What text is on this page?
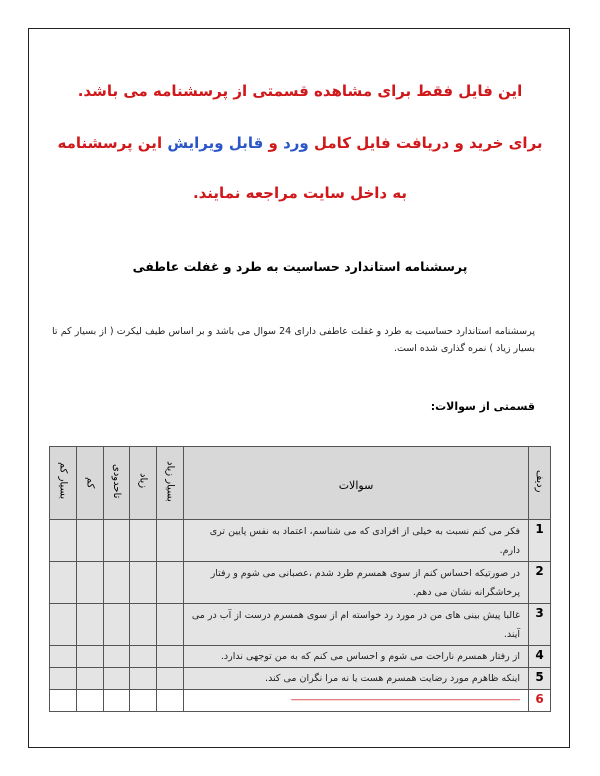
این فایل فقط برای مشاهده قسمتی از پرسشنامه می باشد.
برای خرید و دریافت فایل کامل ورد و قابل ویرایش این پرسشنامه
به داخل سایت مراجعه نمایند.
پرسشنامه استاندارد حساسیت به طرد و غفلت عاطفی
پرسشنامه استاندارد حساسیت به طرد و غفلت عاطفی دارای 24 سوال می باشد و بر اساس طیف لیکرت ( از بسیار کم تا بسیار زیاد ) نمره گذاری شده است.
قسمتی از سوالات:
ردیف	سوالات	بسیار زیاد	زیاد	تاحدودی	کم	بسیار کم
1	فکر می کنم نسبت به خیلی از افرادی که می شناسم، اعتماد به نفس پایین تری دارم.					
2	در صورتیکه احساس کنم از سوی همسرم طرد شدم ،عصبانی می شوم و رفتار پرخاشگرانه نشان می دهم.					
3	غالبا پیش بینی های من در مورد رد خواسته ام از سوی همسرم درست از آب در می آیند.					
4	از رفتار همسرم ناراحت می شوم و احساس می کنم که به من توجهی ندارد.					
5	اینکه ظاهرم مورد رضایت همسرم هست یا نه مرا نگران می کند.					
6	------------------------------------------------------------------------------------------------------					
